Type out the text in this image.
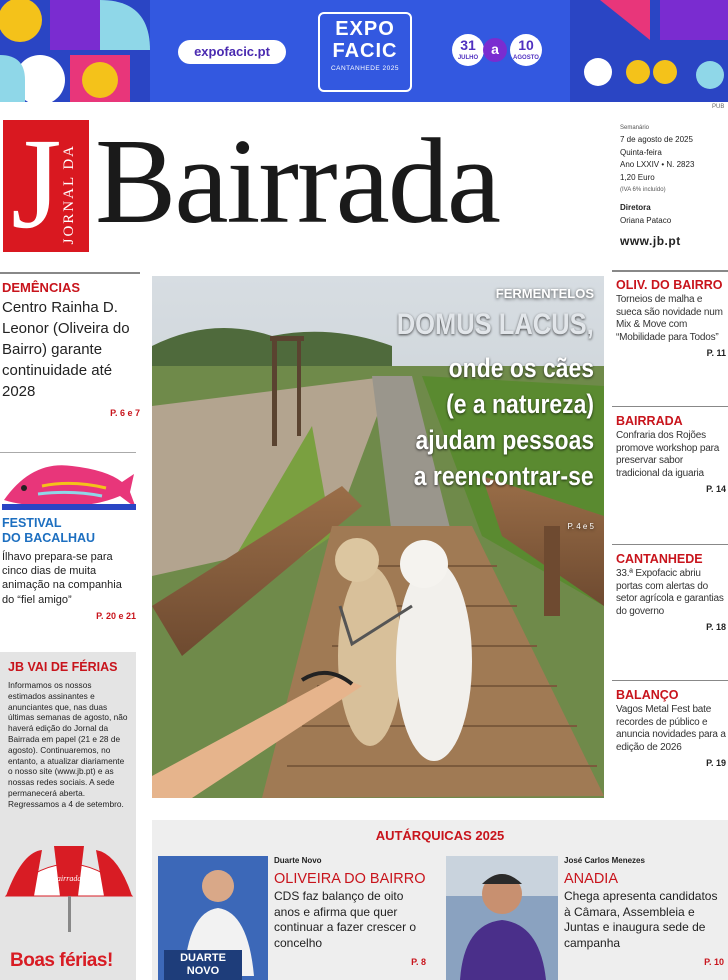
expofacic.pt
EXPO
FACIC
CANTANHEDE 2025
31
JULHO
a	10
AGOSTO
PUB
J JORNAL DA Bairrada	Semanário
7 de agosto de 2025
Quinta-feira
Ano LXXIV • N. 2823
1,20 Euro
(IVA 6% incluído)
Diretora
Oriana Pataco
www.jb.pt
DEMÊNCIAS
Centro Rainha D. Leonor (Oliveira do Bairro) garante continuidade até 2028
P. 6 e 7
FESTIVAL
DO BACALHAU
Ílhavo prepara-se para cinco dias de muita animação na companhia do “fiel amigo”
P. 20 e 21
JB VAI DE FÉRIAS
Informamos os nossos estimados assinantes e anunciantes que, nas duas últimas semanas de agosto, não haverá edição do Jornal da Bairrada em papel (21 e 28 de agosto). Continuaremos, no entanto, a atualizar diariamente o nosso site (www.jb.pt) e as nossas redes sociais. A sede permanecerá aberta. Regressamos a 4 de setembro.
Bairrada
Boas férias!
FERMENTELOS
DOMUS LACUS,
onde os cães
(e a natureza)
ajudam pessoas
a reencontrar-se
P. 4 e 5
OLIV. DO BAIRRO
Torneios de malha e sueca são novidade num Mix & Move com “Mobilidade para Todos”
P. 11
BAIRRADA
Confraria dos Rojões promove workshop para preservar sabor tradicional da iguaria
P. 14
CANTANHEDE
33.ª Expofacic abriu portas com alertas do setor agrícola e garantias do governo
P. 18
BALANÇO
Vagos Metal Fest bate recordes de público e anuncia novidades para a edição de 2026
P. 19
AUTÁRQUICAS 2025
DUARTE NOVO
Duarte Novo
OLIVEIRA DO BAIRRO
CDS faz balanço de oito anos e afirma que quer continuar a fazer crescer o concelho
P. 8
José Carlos Menezes
ANADIA
Chega apresenta candidatos à Câmara, Assembleia e Juntas e inaugura sede de campanha
P. 10
